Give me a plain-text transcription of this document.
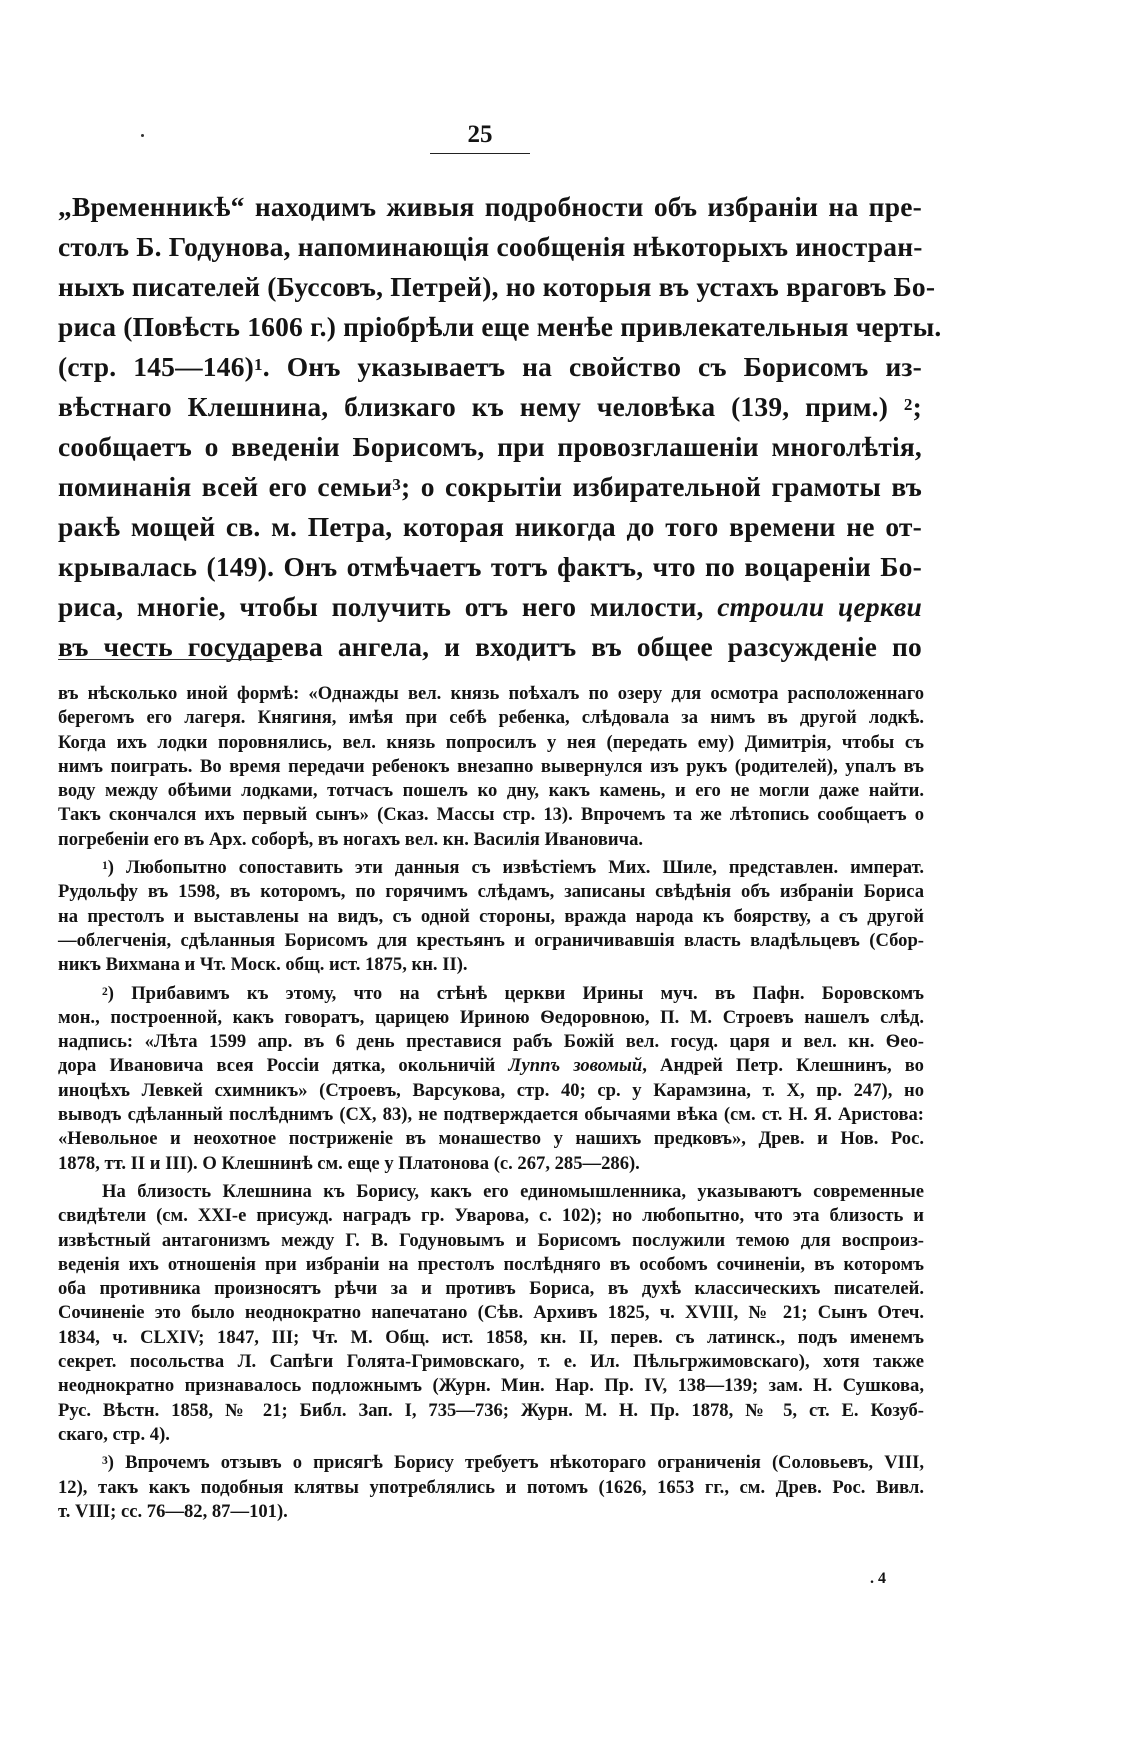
25
„Временникѣ“ находимъ живыя подробности объ избраніи на пре-
столъ Б. Годунова, напоминающія сообщенія нѣкоторыхъ иностран-
ныхъ писателей (Буссовъ, Петрей), но которыя въ устахъ враговъ Бо-
риса (Повѣсть 1606 г.) пріобрѣли еще менѣе привлекательныя черты.
(стр. 145—146)$^1$. Онъ указываетъ на свойство съ Борисомъ из-
вѣстнаго Клешнина, близкаго къ нему человѣка (139, прим.) $^2$;
сообщаетъ о введеніи Борисомъ, при провозглашеніи многолѣтія,
поминанія всей его семьи$^3$; о сокрытіи избирательной грамоты въ
ракѣ мощей св. м. Петра, которая никогда до того времени не от-
крывалась (149). Онъ отмѣчаетъ тотъ фактъ, что по воцареніи Бо-
риса, многіе, чтобы получить отъ него милости, строили церкви
въ честь государева ангела, и входитъ въ общее разсужденіе по
въ нѣсколько иной формѣ: «Однажды вел. князь поѣхалъ по озеру для осмотра расположеннаго
берегомъ его лагеря. Княгиня, имѣя при себѣ ребенка, слѣдовала за нимъ въ другой лодкѣ.
Когда ихъ лодки поровнялись, вел. князь попросилъ у нея (передать ему) Димитрія, чтобы съ
нимъ поиграть. Во время передачи ребенокъ внезапно вывернулся изъ рукъ (родителей), упалъ въ
воду между обѣими лодками, тотчасъ пошелъ ко дну, какъ камень, и его не могли даже найти.
Такъ скончался ихъ первый сынъ» (Сказ. Массы стр. 13). Впрочемъ та же лѣтопись сообщаетъ о
погребеніи его въ Арх. соборѣ, въ ногахъ вел. кн. Василія Ивановича.
$^1$) Любопытно сопоставить эти данныя съ извѣстіемъ Мих. Шиле, представлен. императ.
Рудольфу въ 1598, въ которомъ, по горячимъ слѣдамъ, записаны свѣдѣнія объ избраніи Бориса
на престолъ и выставлены на видъ, съ одной стороны, вражда народа къ боярству, а съ другой
—облегченія, сдѣланныя Борисомъ для крестьянъ и ограничивавшія власть владѣльцевъ (Сбор-
никъ Вихмана и Чт. Моск. общ. ист. 1875, кн. II).
$^2$) Прибавимъ къ этому, что на стѣнѣ церкви Ирины муч. въ Пафн. Боровскомъ
мон., построенной, какъ говоратъ, царицею Ириною Ѳедоровною, П. М. Строевъ нашелъ слѣд.
надпись: «Лѣта 1599 апр. въ 6 день преставися рабъ Божій вел. госуд. царя и вел. кн. Ѳео-
дора Ивановича всея Россіи дятка, окольничій Луппъ зовомый, Андрей Петр. Клешнинъ, во
иноцѣхъ Левкей схимникъ» (Строевъ, Варсукова, стр. 40; ср. у Карамзина, т. X, пр. 247), но
выводъ сдѣланный послѣднимъ (СХ, 83), не подтверждается обычаями вѣка (см. ст. Н. Я. Аристова:
«Невольное и неохотное постриженіе въ монашество у нашихъ предковъ», Древ. и Нов. Рос.
1878, тт. II и III). О Клешнинѣ см. еще у Платонова (с. 267, 285—286).
На близость Клешнина къ Борису, какъ его единомышленника, указываютъ современные
свидѣтели (см. XXI-е присужд. наградъ гр. Уварова, с. 102); но любопытно, что эта близость и
извѣстный антагонизмъ между Г. В. Годуновымъ и Борисомъ послужили темою для воспроиз-
веденія ихъ отношенія при избраніи на престолъ послѣдняго въ особомъ сочиненіи, въ которомъ
оба противника произносятъ рѣчи за и противъ Бориса, въ духѣ классическихъ писателей.
Сочиненіе это было неоднократно напечатано (Сѣв. Архивъ 1825, ч. XVIII, № 21; Сынъ Отеч.
1834, ч. CLXIV; 1847, III; Чт. М. Общ. ист. 1858, кн. II, перев. съ латинск., подъ именемъ
секрет. посольства Л. Сапѣги Голята-Гримовскаго, т. е. Ил. Пѣльгржимовскаго), хотя также
неоднократно признавалось подложнымъ (Журн. Мин. Нар. Пр. IV, 138—139; зам. Н. Сушкова,
Рус. Вѣстн. 1858, № 21; Библ. Зап. I, 735—736; Журн. М. Н. Пр. 1878, № 5, ст. Е. Козуб-
скаго, стр. 4).
$^3$) Впрочемъ отзывъ о присягѣ Борису требуетъ нѣкотораго ограниченія (Соловьевъ, VIII,
12), такъ какъ подобныя клятвы употреблялись и потомъ (1626, 1653 гг., см. Древ. Рос. Вивл.
т. VIII; сс. 76—82, 87—101).
. 4
